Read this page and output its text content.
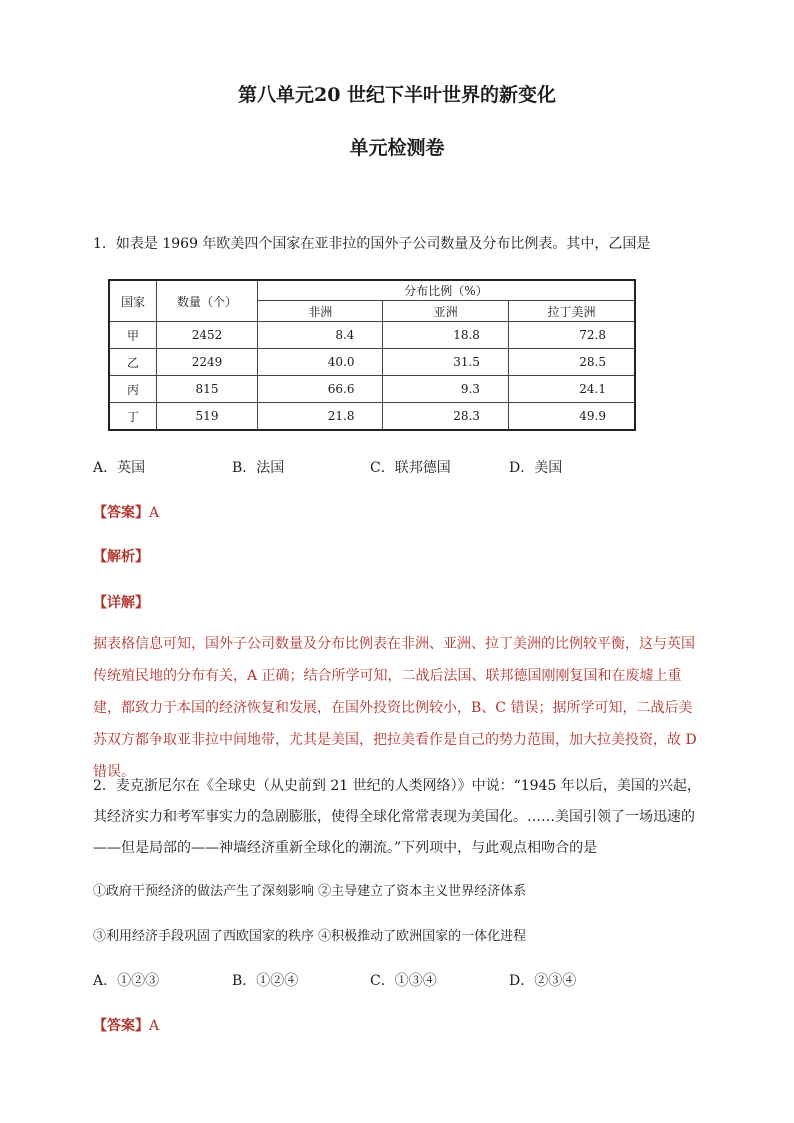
第八单元20 世纪下半叶世界的新变化
单元检测卷
1．如表是 1969 年欧美四个国家在亚非拉的国外子公司数量及分布比例表。其中，乙国是
国家	数量（个）	分布比例（%）		
		非洲	亚洲	拉丁美洲
甲	2452	8.4	18.8	72.8
乙	2249	40.0	31.5	28.5
丙	815	66.6	9.3	24.1
丁	519	21.8	28.3	49.9
A．英国	B．法国	C．联邦德国	D．美国
【答案】A
【解析】
【详解】
据表格信息可知，国外子公司数量及分布比例表在非洲、亚洲、拉丁美洲的比例较平衡，这与英国传统殖民地的分布有关，A 正确；结合所学可知，二战后法国、联邦德国刚刚复国和在废墟上重建，都致力于本国的经济恢复和发展，在国外投资比例较小，B、C 错误；据所学可知，二战后美苏双方都争取亚非拉中间地带，尤其是美国，把拉美看作是自己的势力范围，加大拉美投资，故 D 错误。
2．麦克浙尼尔在《全球史（从史前到 21 世纪的人类网络）》中说：“1945 年以后，美国的兴起，
其经济实力和考军事实力的急剧膨胀，使得全球化常常表现为美国化。……美国引领了一场迅速的
——但是局部的——神墙经济重新全球化的潮流。”下列项中，与此观点相吻合的是
①政府干预经济的做法产生了深刻影响 ②主导建立了资本主义世界经济体系
③利用经济手段巩固了西欧国家的秩序 ④积极推动了欧洲国家的一体化进程
A．①②③	B．①②④	C．①③④	D．②③④
【答案】A
